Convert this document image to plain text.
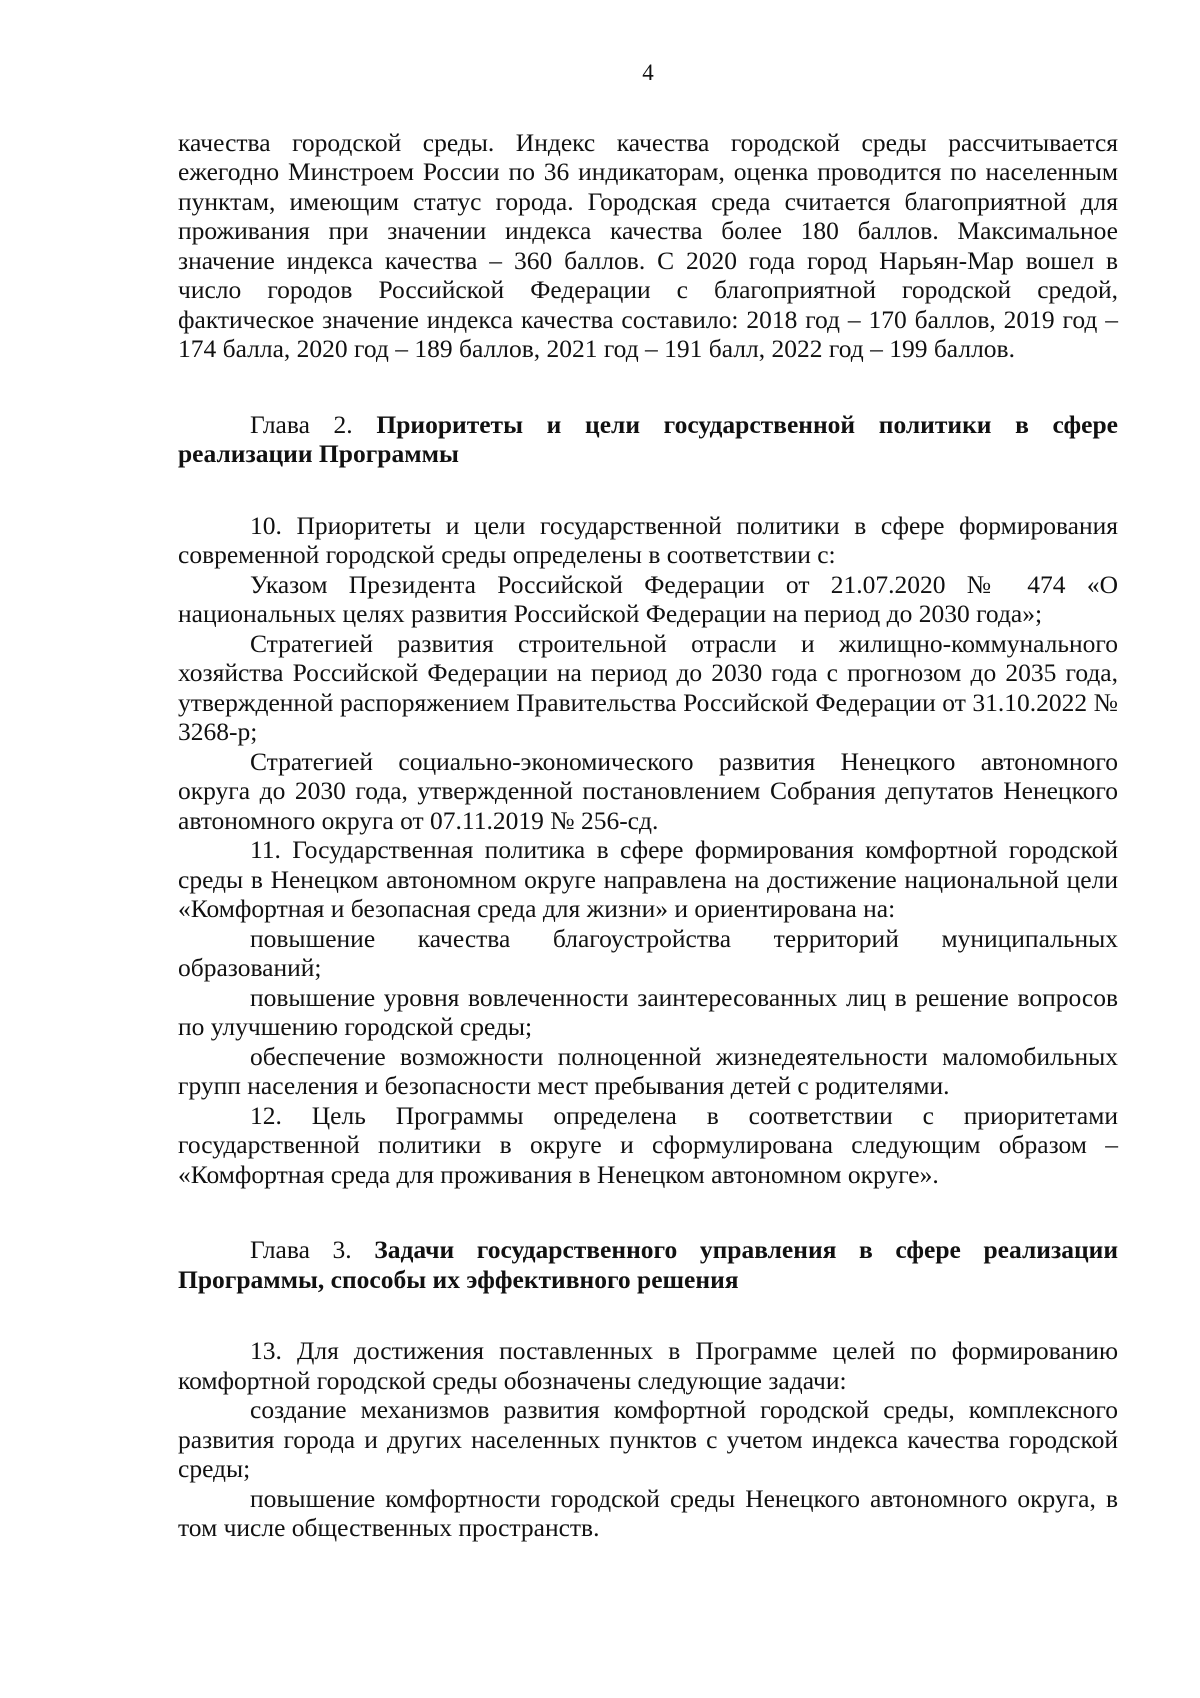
4

качества городской среды. Индекс качества городской среды рассчитывается ежегодно Минстроем России по 36 индикаторам, оценка проводится по населенным пунктам, имеющим статус города. Городская среда считается благоприятной для проживания при значении индекса качества более 180 баллов. Максимальное значение индекса качества – 360 баллов. С 2020 года город Нарьян-Мар вошел в число городов Российской Федерации с благоприятной городской средой, фактическое значение индекса качества составило: 2018 год – 170 баллов, 2019 год – 174 балла, 2020 год – 189 баллов, 2021 год – 191 балл, 2022 год – 199 баллов.

Глава 2. Приоритеты и цели государственной политики в сфере реализации Программы

10. Приоритеты и цели государственной политики в сфере формирования современной городской среды определены в соответствии с:

Указом Президента Российской Федерации от 21.07.2020 № 474 «О национальных целях развития Российской Федерации на период до 2030 года»;

Стратегией развития строительной отрасли и жилищно-коммунального хозяйства Российской Федерации на период до 2030 года с прогнозом до 2035 года, утвержденной распоряжением Правительства Российской Федерации от 31.10.2022 № 3268-р;

Стратегией социально-экономического развития Ненецкого автономного округа до 2030 года, утвержденной постановлением Собрания депутатов Ненецкого автономного округа от 07.11.2019 № 256-сд.

11. Государственная политика в сфере формирования комфортной городской среды в Ненецком автономном округе направлена на достижение национальной цели «Комфортная и безопасная среда для жизни» и ориентирована на:

повышение качества благоустройства территорий муниципальных образований;

повышение уровня вовлеченности заинтересованных лиц в решение вопросов по улучшению городской среды;

обеспечение возможности полноценной жизнедеятельности маломобильных групп населения и безопасности мест пребывания детей с родителями.

12. Цель Программы определена в соответствии с приоритетами государственной политики в округе и сформулирована следующим образом – «Комфортная среда для проживания в Ненецком автономном округе».

Глава 3. Задачи государственного управления в сфере реализации Программы, способы их эффективного решения

13. Для достижения поставленных в Программе целей по формированию комфортной городской среды обозначены следующие задачи:

создание механизмов развития комфортной городской среды, комплексного развития города и других населенных пунктов с учетом индекса качества городской среды;

повышение комфортности городской среды Ненецкого автономного округа, в том числе общественных пространств.
